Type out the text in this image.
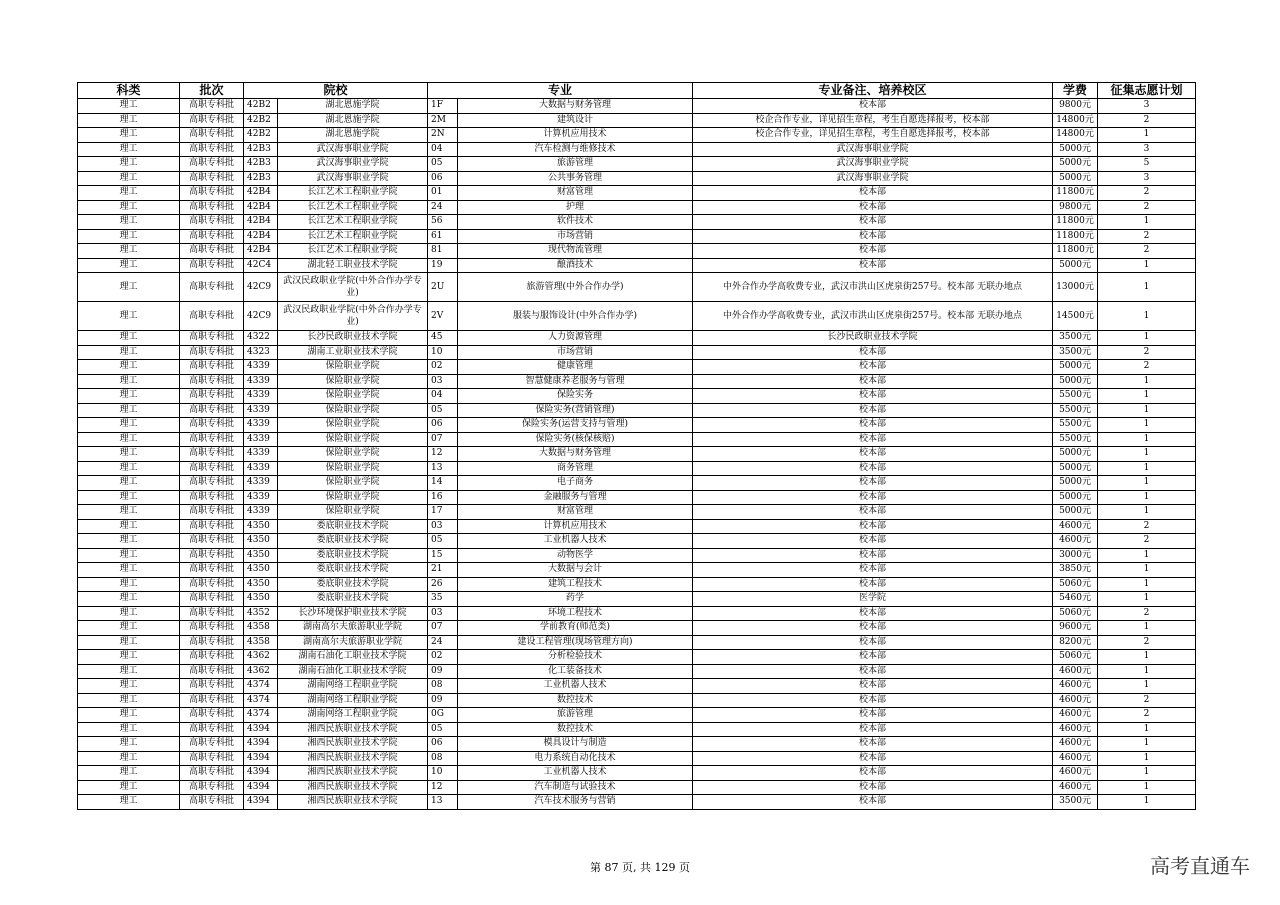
科类	批次	院校		专业		专业备注、培养校区	学费	征集志愿计划
理工	高职专科批	42B2	湖北恩施学院	1F	大数据与财务管理	校本部	9800元	3
理工	高职专科批	42B2	湖北恩施学院	2M	建筑设计	校企合作专业，详见招生章程，考生自愿选择报考，校本部	14800元	2
理工	高职专科批	42B2	湖北恩施学院	2N	计算机应用技术	校企合作专业，详见招生章程，考生自愿选择报考，校本部	14800元	1
理工	高职专科批	42B3	武汉海事职业学院	04	汽车检测与维修技术	武汉海事职业学院	5000元	3
理工	高职专科批	42B3	武汉海事职业学院	05	旅游管理	武汉海事职业学院	5000元	5
理工	高职专科批	42B3	武汉海事职业学院	06	公共事务管理	武汉海事职业学院	5000元	3
理工	高职专科批	42B4	长江艺术工程职业学院	01	财富管理	校本部	11800元	2
理工	高职专科批	42B4	长江艺术工程职业学院	24	护理	校本部	9800元	2
理工	高职专科批	42B4	长江艺术工程职业学院	56	软件技术	校本部	11800元	1
理工	高职专科批	42B4	长江艺术工程职业学院	61	市场营销	校本部	11800元	2
理工	高职专科批	42B4	长江艺术工程职业学院	81	现代物流管理	校本部	11800元	2
理工	高职专科批	42C4	湖北轻工职业技术学院	19	酿酒技术	校本部	5000元	1
理工	高职专科批	42C9	武汉民政职业学院(中外合作办学专业)	2U	旅游管理(中外合作办学)	中外合作办学高收费专业，武汉市洪山区虎泉街257号。校本部 无联办地点	13000元	1
理工	高职专科批	42C9	武汉民政职业学院(中外合作办学专业)	2V	服装与服饰设计(中外合作办学)	中外合作办学高收费专业，武汉市洪山区虎泉街257号。校本部 无联办地点	14500元	1
理工	高职专科批	4322	长沙民政职业技术学院	45	人力资源管理	长沙民政职业技术学院	3500元	1
理工	高职专科批	4323	湖南工业职业技术学院	10	市场营销	校本部	3500元	2
理工	高职专科批	4339	保险职业学院	02	健康管理	校本部	5000元	2
理工	高职专科批	4339	保险职业学院	03	智慧健康养老服务与管理	校本部	5000元	1
理工	高职专科批	4339	保险职业学院	04	保险实务	校本部	5500元	1
理工	高职专科批	4339	保险职业学院	05	保险实务(营销管理)	校本部	5500元	1
理工	高职专科批	4339	保险职业学院	06	保险实务(运营支持与管理)	校本部	5500元	1
理工	高职专科批	4339	保险职业学院	07	保险实务(核保核赔)	校本部	5500元	1
理工	高职专科批	4339	保险职业学院	12	大数据与财务管理	校本部	5000元	1
理工	高职专科批	4339	保险职业学院	13	商务管理	校本部	5000元	1
理工	高职专科批	4339	保险职业学院	14	电子商务	校本部	5000元	1
理工	高职专科批	4339	保险职业学院	16	金融服务与管理	校本部	5000元	1
理工	高职专科批	4339	保险职业学院	17	财富管理	校本部	5000元	1
理工	高职专科批	4350	娄底职业技术学院	03	计算机应用技术	校本部	4600元	2
理工	高职专科批	4350	娄底职业技术学院	05	工业机器人技术	校本部	4600元	2
理工	高职专科批	4350	娄底职业技术学院	15	动物医学	校本部	3000元	1
理工	高职专科批	4350	娄底职业技术学院	21	大数据与会计	校本部	3850元	1
理工	高职专科批	4350	娄底职业技术学院	26	建筑工程技术	校本部	5060元	1
理工	高职专科批	4350	娄底职业技术学院	35	药学	医学院	5460元	1
理工	高职专科批	4352	长沙环境保护职业技术学院	03	环境工程技术	校本部	5060元	2
理工	高职专科批	4358	湖南高尔夫旅游职业学院	07	学前教育(师范类)	校本部	9600元	1
理工	高职专科批	4358	湖南高尔夫旅游职业学院	24	建设工程管理(现场管理方向)	校本部	8200元	2
理工	高职专科批	4362	湖南石油化工职业技术学院	02	分析检验技术	校本部	5060元	1
理工	高职专科批	4362	湖南石油化工职业技术学院	09	化工装备技术	校本部	4600元	1
理工	高职专科批	4374	湖南网络工程职业学院	08	工业机器人技术	校本部	4600元	1
理工	高职专科批	4374	湖南网络工程职业学院	09	数控技术	校本部	4600元	2
理工	高职专科批	4374	湖南网络工程职业学院	0G	旅游管理	校本部	4600元	2
理工	高职专科批	4394	湘西民族职业技术学院	05	数控技术	校本部	4600元	1
理工	高职专科批	4394	湘西民族职业技术学院	06	模具设计与制造	校本部	4600元	1
理工	高职专科批	4394	湘西民族职业技术学院	08	电力系统自动化技术	校本部	4600元	1
理工	高职专科批	4394	湘西民族职业技术学院	10	工业机器人技术	校本部	4600元	1
理工	高职专科批	4394	湘西民族职业技术学院	12	汽车制造与试验技术	校本部	4600元	1
理工	高职专科批	4394	湘西民族职业技术学院	13	汽车技术服务与营销	校本部	3500元	1
第 87 页, 共 129 页	高考直通车
